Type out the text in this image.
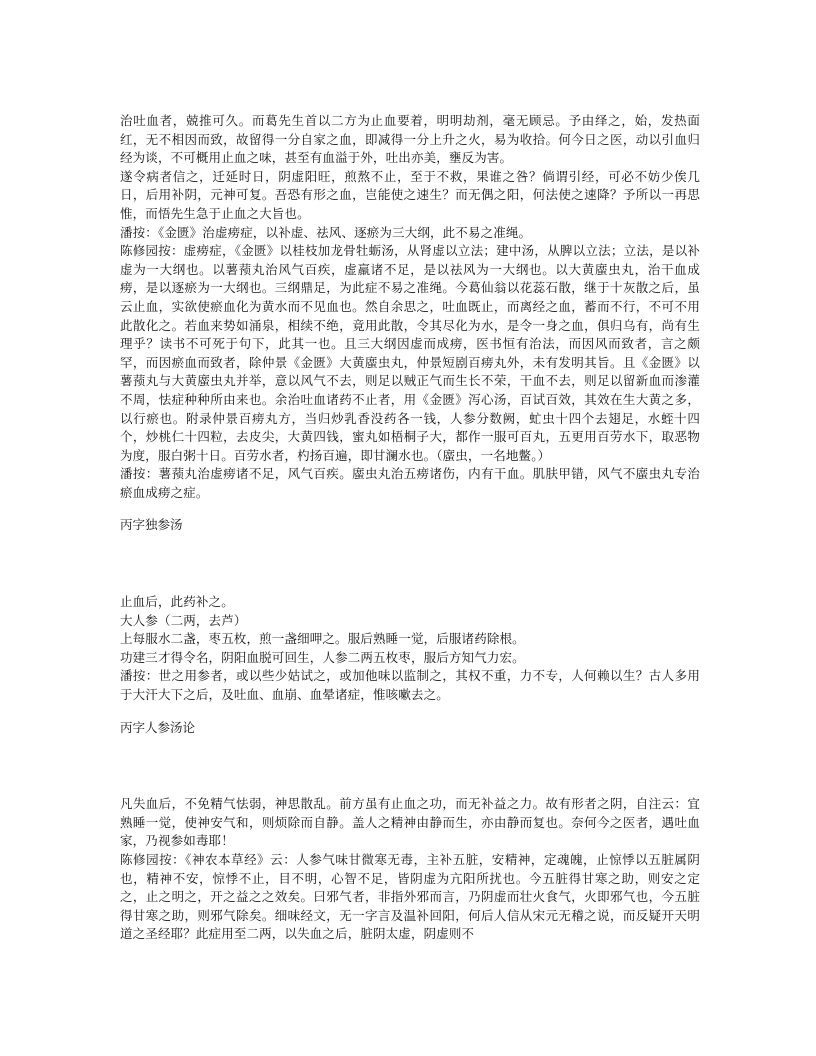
治吐血者，兢推可久。而葛先生首以二方为止血要着，明明劫剂，毫无顾忌。予由绎之，始，发热面红，无不相因而致，故留得一分自家之血，即减得一分上升之火，易为收拾。何今日之医，动以引血归经为谈，不可概用止血之味，甚至有血溢于外，吐出亦美，壅反为害。

遂令病者信之，迁延时日，阴虚阳旺，煎熬不止，至于不救，果谁之咎？倘谓引经，可必不妨少俟几日，后用补阴，元神可复。吾恐有形之血，岂能使之速生？而无偶之阳，何法使之速降？予所以一再思惟，而悟先生急于止血之大旨也。

潘按：《金匮》治虚痨症，以补虚、祛风、逐瘀为三大纲，此不易之准绳。

陈修园按：虚痨症，《金匮》以桂枝加龙骨牡蛎汤，从肾虚以立法；建中汤，从脾以立法；立法，是以补虚为一大纲也。以薯蓣丸治风气百疾，虚羸诸不足，是以祛风为一大纲也。以大黄䗪虫丸，治干血成痨，是以逐瘀为一大纲也。三纲鼎足，为此症不易之准绳。今葛仙翁以花蕊石散，继于十灰散之后，虽云止血，实欲使瘀血化为黄水而不见血也。然自余思之，吐血既止，而离经之血，蓄而不行，不可不用此散化之。若血来势如涌泉，相续不绝，竟用此散，令其尽化为水，是令一身之血，俱归乌有，尚有生理乎？读书不可死于句下，此其一也。且三大纲因虚而成痨，医书恒有治法，而因风而致者，言之颇罕，而因瘀血而致者，除仲景《金匮》大黄䗪虫丸，仲景短剧百痨丸外，未有发明其旨。且《金匮》以薯蓣丸与大黄䗪虫丸并举，意以风气不去，则足以贼正气而生长不荣，干血不去，则足以留新血而渗灌不周，怯症种种所由来也。余治吐血诸药不止者，用《金匮》泻心汤，百试百效，其效在生大黄之多，以行瘀也。附录仲景百痨丸方，当归炒乳香没药各一钱，人参分数阙，虻虫十四个去翅足，水蛭十四个，炒桃仁十四粒，去皮尖，大黄四钱，蜜丸如梧桐子大，都作一服可百丸，五更用百劳水下，取恶物为度，服白粥十日。百劳水者，杓扬百遍，即甘澜水也。（䗪虫，一名地鳖。）

潘按：薯蓣丸治虚痨诸不足，风气百疾。䗪虫丸治五痨诸伤，内有干血。肌肤甲错，风气不䗪虫丸专治瘀血成痨之症。

丙字独参汤

止血后，此药补之。

大人参（二两，去芦）

上每服水二盏，枣五枚，煎一盏细呷之。服后熟睡一觉，后服诸药除根。

功建三才得令名，阴阳血脱可回生，人参二两五枚枣，服后方知气力宏。

潘按：世之用参者，或以些少姑试之，或加他味以监制之，其权不重，力不专，人何赖以生？古人多用于大汗大下之后，及吐血、血崩、血晕诸症，惟咳嗽去之。

丙字人参汤论

凡失血后，不免精气怯弱，神思散乱。前方虽有止血之功，而无补益之力。故有形者之阴，自注云：宜熟睡一觉，使神安气和，则烦除而自静。盖人之精神由静而生，亦由静而复也。奈何今之医者，遇吐血家，乃视参如毒耶！

陈修园按：《神农本草经》云：人参气味甘微寒无毒，主补五脏，安精神，定魂魄，止惊悸以五脏属阴也，精神不安，惊悸不止，目不明，心智不足，皆阴虚为亢阳所扰也。今五脏得甘寒之助，则安之定之，止之明之，开之益之之效矣。曰邪气者，非指外邪而言，乃阴虚而壮火食气，火即邪气也，今五脏得甘寒之助，则邪气除矣。细味经文，无一字言及温补回阳，何后人信从宋元无稽之说，而反疑开天明道之圣经耶？此症用至二两，以失血之后，脏阴太虚，阴虚则不
